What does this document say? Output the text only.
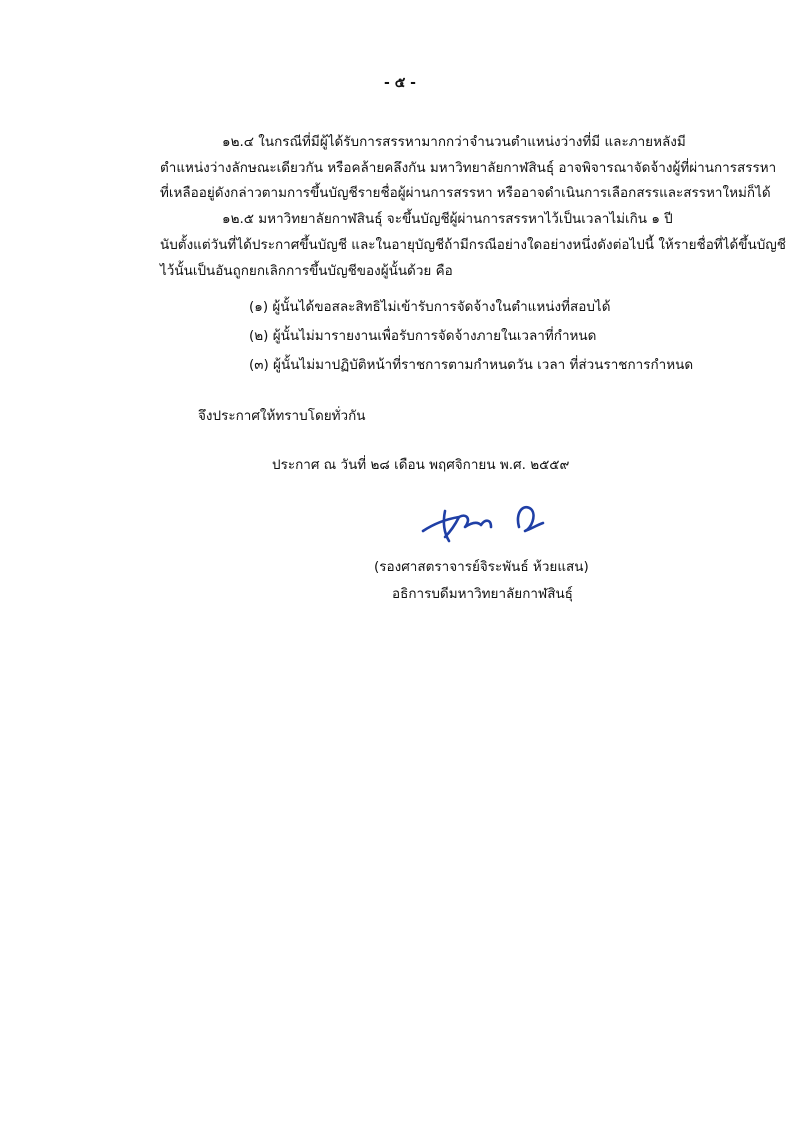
- ๕ -
๑๒.๔ ในกรณีที่มีผู้ได้รับการสรรหามากกว่าจำนวนตำแหน่งว่างที่มี และภายหลังมี
ตำแหน่งว่างลักษณะเดียวกัน หรือคล้ายคลึงกัน มหาวิทยาลัยกาฬสินธุ์ อาจพิจารณาจัดจ้างผู้ที่ผ่านการสรรหา
ที่เหลืออยู่ดังกล่าวตามการขึ้นบัญชีรายชื่อผู้ผ่านการสรรหา หรืออาจดำเนินการเลือกสรรและสรรหาใหม่ก็ได้
๑๒.๕ มหาวิทยาลัยกาฬสินธุ์ จะขึ้นบัญชีผู้ผ่านการสรรหาไว้เป็นเวลาไม่เกิน ๑ ปี
นับตั้งแต่วันที่ได้ประกาศขึ้นบัญชี และในอายุบัญชีถ้ามีกรณีอย่างใดอย่างหนึ่งดังต่อไปนี้ ให้รายชื่อที่ได้ขึ้นบัญชี
ไว้นั้นเป็นอันถูกยกเลิกการขึ้นบัญชีของผู้นั้นด้วย คือ
(๑) ผู้นั้นได้ขอสละสิทธิไม่เข้ารับการจัดจ้างในตำแหน่งที่สอบได้
(๒) ผู้นั้นไม่มารายงานเพื่อรับการจัดจ้างภายในเวลาที่กำหนด
(๓) ผู้นั้นไม่มาปฏิบัติหน้าที่ราชการตามกำหนดวัน เวลา ที่ส่วนราชการกำหนด
จึงประกาศให้ทราบโดยทั่วกัน
ประกาศ ณ วันที่ ๒๘ เดือน พฤศจิกายน พ.ศ. ๒๕๕๙
(รองศาสตราจารย์จิระพันธ์ ห้วยแสน)
อธิการบดีมหาวิทยาลัยกาฬสินธุ์
